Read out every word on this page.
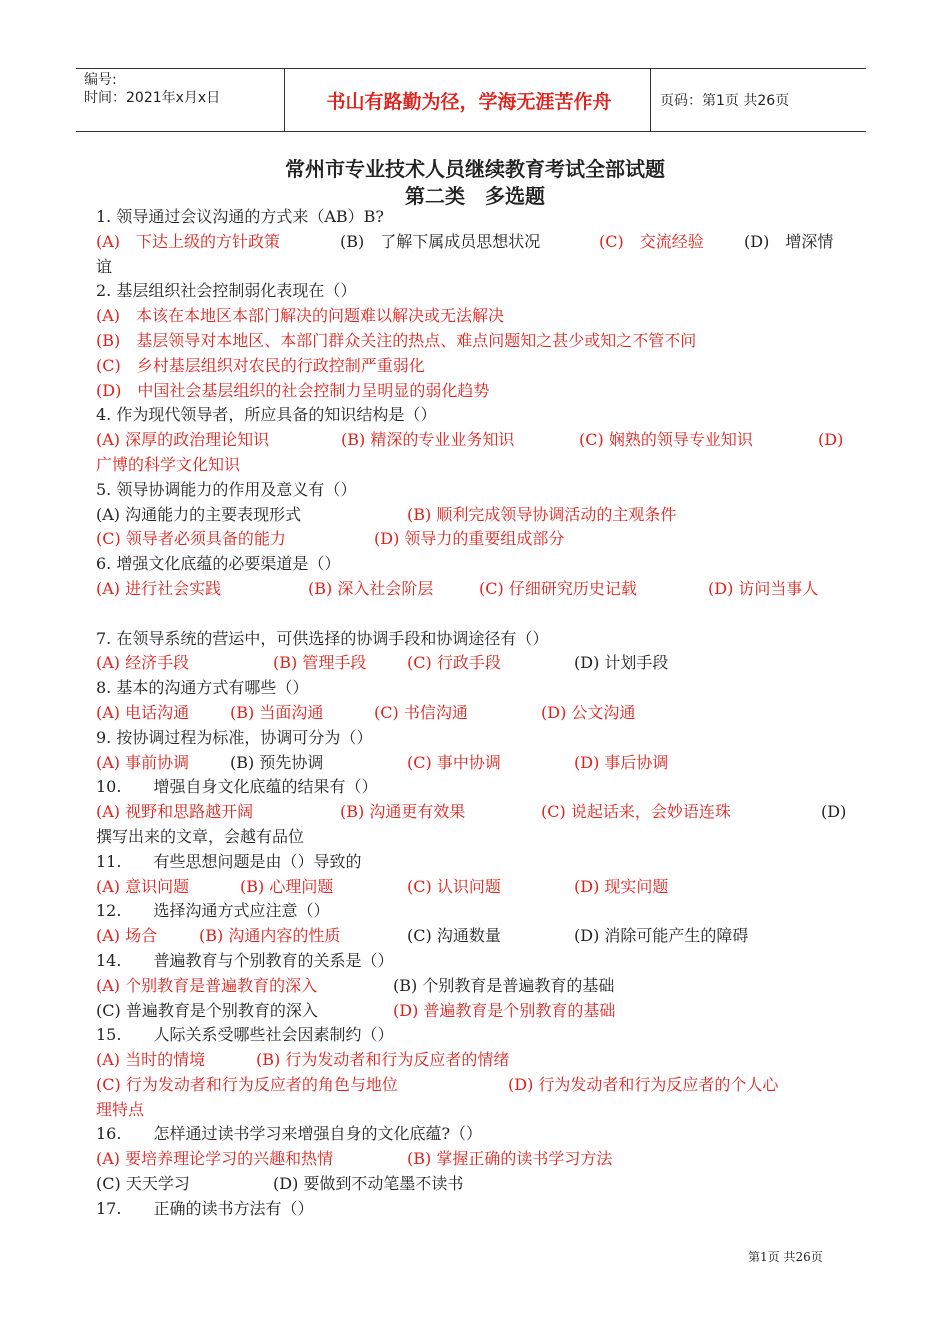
编号:
时间：2021年x月x日	书山有路勤为径，学海无涯苦作舟	页码：第1页 共26页
常州市专业技术人员继续教育考试全部试题
第二类　多选题
1. 领导通过会议沟通的方式来（AB）B?
(A)　下达上级的方针政策	(B)　了解下属成员思想状况	(C)　交流经验	(D)　增深情
谊
2. 基层组织社会控制弱化表现在（）
(A)　本该在本地区本部门解决的问题难以解决或无法解决
(B)　基层领导对本地区、本部门群众关注的热点、难点问题知之甚少或知之不管不问
(C)　乡村基层组织对农民的行政控制严重弱化
(D)　中国社会基层组织的社会控制力呈明显的弱化趋势
4. 作为现代领导者，所应具备的知识结构是（）
(A) 深厚的政治理论知识	(B) 精深的专业业务知识	(C) 娴熟的领导专业知识	(D)
广博的科学文化知识
5. 领导协调能力的作用及意义有（）
(A) 沟通能力的主要表现形式	(B) 顺利完成领导协调活动的主观条件
(C) 领导者必须具备的能力	(D) 领导力的重要组成部分
6. 增强文化底蕴的必要渠道是（）
(A) 进行社会实践	(B) 深入社会阶层	(C) 仔细研究历史记载	(D) 访问当事人
7. 在领导系统的营运中，可供选择的协调手段和协调途径有（）
(A) 经济手段	(B) 管理手段	(C) 行政手段	(D) 计划手段
8. 基本的沟通方式有哪些（）
(A) 电话沟通	(B) 当面沟通	(C) 书信沟通	(D) 公文沟通
9. 按协调过程为标准，协调可分为（）
(A) 事前协调	(B) 预先协调	(C) 事中协调	(D) 事后协调
10.　　增强自身文化底蕴的结果有（）
(A) 视野和思路越开阔	(B) 沟通更有效果	(C) 说起话来，会妙语连珠	(D)
撰写出来的文章，会越有品位
11.　　有些思想问题是由（）导致的
(A) 意识问题	(B) 心理问题	(C) 认识问题	(D) 现实问题
12.　　选择沟通方式应注意（）
(A) 场合	(B) 沟通内容的性质	(C) 沟通数量	(D) 消除可能产生的障碍
14.　　普遍教育与个别教育的关系是（）
(A) 个别教育是普遍教育的深入	(B) 个别教育是普遍教育的基础
(C) 普遍教育是个别教育的深入	(D) 普遍教育是个别教育的基础
15.　　人际关系受哪些社会因素制约（）
(A) 当时的情境	(B) 行为发动者和行为反应者的情绪
(C) 行为发动者和行为反应者的角色与地位	(D) 行为发动者和行为反应者的个人心
理特点
16.　　怎样通过读书学习来增强自身的文化底蕴?（）
(A) 要培养理论学习的兴趣和热情	(B) 掌握正确的读书学习方法
(C) 天天学习	(D) 要做到不动笔墨不读书
17.　　正确的读书方法有（）
第1页 共26页
